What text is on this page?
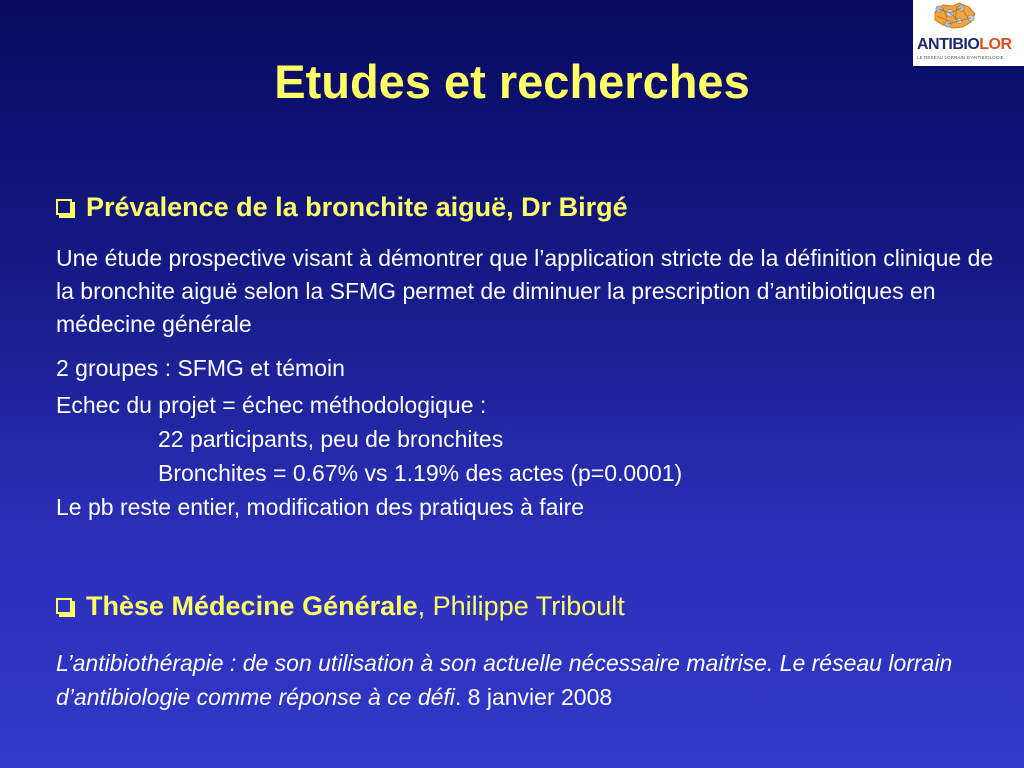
Etudes et recherches
ANTIBIOLOR
LE RÉSEAU LORRAIN D'ANTIBIOLOGIE
Prévalence de la bronchite aiguë, Dr Birgé
Une étude prospective visant à démontrer que l’application stricte de la définition clinique de la bronchite aiguë selon la SFMG permet de diminuer la prescription d’antibiotiques en médecine générale
2 groupes : SFMG et témoin
Echec du projet = échec méthodologique :
22 participants, peu de bronchites
Bronchites = 0.67% vs 1.19% des actes (p=0.0001)
Le pb reste entier, modification des pratiques à faire
Thèse Médecine Générale, Philippe Triboult
L’antibiothérapie : de son utilisation à son actuelle nécessaire maitrise. Le réseau lorrain d’antibiologie comme réponse à ce défi. 8 janvier 2008
